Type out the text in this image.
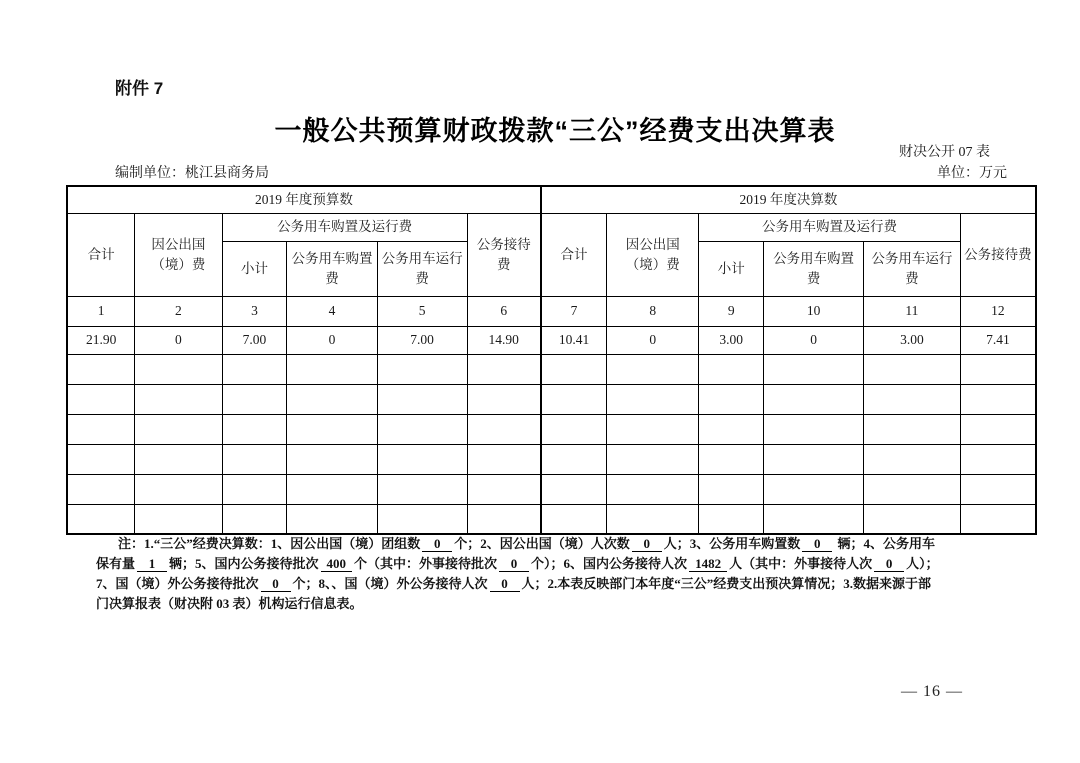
附件 7
一般公共预算财政拨款“三公”经费支出决算表
财决公开 07 表
编制单位：桃江县商务局	单位：万元
2019 年度预算数						2019 年度决算数					
合计	因公出国（境）费	公务用车购置及运行费			公务接待费	合计	因公出国（境）费	公务用车购置及运行费			公务接待费
		小计	公务用车购置费	公务用车运行费				小计	公务用车购置费	公务用车运行费	
1	2	3	4	5	6	7	8	9	10	11	12
21.90	0	7.00	0	7.00	14.90	10.41	0	3.00	0	3.00	7.41

注：1.“三公”经费决算数：1、因公出国（境）团组数 0 个；2、因公出国（境）人次数 0 人；3、公务用车购置数 0 辆；4、公务用车
保有量 1 辆；5、国内公务接待批次 400 个（其中：外事接待批次 0 个）；6、国内公务接待人次 1482 人（其中：外事接待人次 0 人）；
7、国（境）外公务接待批次 0 个；8、、国（境）外公务接待人次 0 人；2.本表反映部门本年度“三公”经费支出预决算情况；3.数据来源于部
门决算报表（财决附 03 表）机构运行信息表。
— 16 —
